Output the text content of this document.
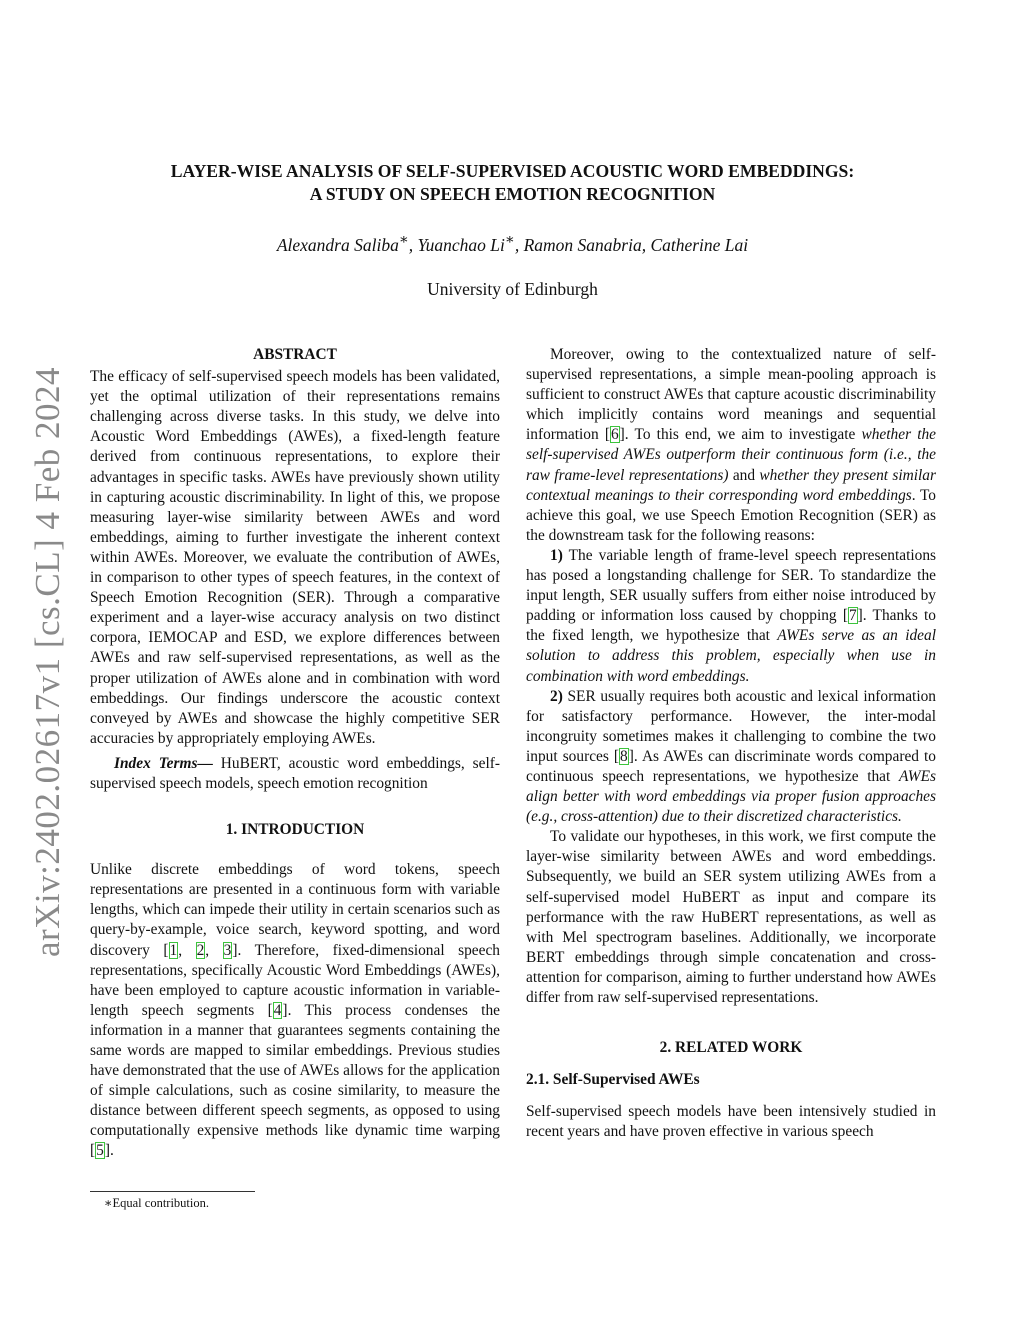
arXiv:2402.02617v1 [cs.CL] 4 Feb 2024
LAYER-WISE ANALYSIS OF SELF-SUPERVISED ACOUSTIC WORD EMBEDDINGS:
A STUDY ON SPEECH EMOTION RECOGNITION
Alexandra Saliba∗, Yuanchao Li∗, Ramon Sanabria, Catherine Lai
University of Edinburgh

ABSTRACT

The efficacy of self-supervised speech models has been validated, yet the optimal utilization of their representations remains challenging across diverse tasks. In this study, we delve into Acoustic Word Embeddings (AWEs), a fixed-length feature derived from continuous representations, to explore their advantages in specific tasks. AWEs have previously shown utility in capturing acoustic discriminability. In light of this, we propose measuring layer-wise similarity between AWEs and word embeddings, aiming to further investigate the inherent context within AWEs. Moreover, we evaluate the contribution of AWEs, in comparison to other types of speech features, in the context of Speech Emotion Recognition (SER). Through a comparative experiment and a layer-wise accuracy analysis on two distinct corpora, IEMOCAP and ESD, we explore differences between AWEs and raw self-supervised representations, as well as the proper utilization of AWEs alone and in combination with word embeddings. Our findings underscore the acoustic context conveyed by AWEs and showcase the highly competitive SER accuracies by appropriately employing AWEs.

Index Terms— HuBERT, acoustic word embeddings, self-supervised speech models, speech emotion recognition

1. INTRODUCTION

Unlike discrete embeddings of word tokens, speech representations are presented in a continuous form with variable lengths, which can impede their utility in certain scenarios such as query-by-example, voice search, keyword spotting, and word discovery [1, 2, 3]. Therefore, fixed-dimensional speech representations, specifically Acoustic Word Embeddings (AWEs), have been employed to capture acoustic information in variable-length speech segments [4]. This process condenses the information in a manner that guarantees segments containing the same words are mapped to similar embeddings. Previous studies have demonstrated that the use of AWEs allows for the application of simple calculations, such as cosine similarity, to measure the distance between different speech segments, as opposed to using computationally expensive methods like dynamic time warping [5].

∗Equal contribution.

Moreover, owing to the contextualized nature of self-supervised representations, a simple mean-pooling approach is sufficient to construct AWEs that capture acoustic discriminability which implicitly contains word meanings and sequential information [6]. To this end, we aim to investigate whether the self-supervised AWEs outperform their continuous form (i.e., the raw frame-level representations) and whether they present similar contextual meanings to their corresponding word embeddings. To achieve this goal, we use Speech Emotion Recognition (SER) as the downstream task for the following reasons:

1) The variable length of frame-level speech representations has posed a longstanding challenge for SER. To standardize the input length, SER usually suffers from either noise introduced by padding or information loss caused by chopping [7]. Thanks to the fixed length, we hypothesize that AWEs serve as an ideal solution to address this problem, especially when use in combination with word embeddings.

2) SER usually requires both acoustic and lexical information for satisfactory performance. However, the inter-modal incongruity sometimes makes it challenging to combine the two input sources [8]. As AWEs can discriminate words compared to continuous speech representations, we hypothesize that AWEs align better with word embeddings via proper fusion approaches (e.g., cross-attention) due to their discretized characteristics.

To validate our hypotheses, in this work, we first compute the layer-wise similarity between AWEs and word embeddings. Subsequently, we build an SER system utilizing AWEs from a self-supervised model HuBERT as input and compare its performance with the raw HuBERT representations, as well as with Mel spectrogram baselines. Additionally, we incorporate BERT embeddings through simple concatenation and cross-attention for comparison, aiming to further understand how AWEs differ from raw self-supervised representations.

2. RELATED WORK

2.1. Self-Supervised AWEs

Self-supervised speech models have been intensively studied in recent years and have proven effective in various speech
